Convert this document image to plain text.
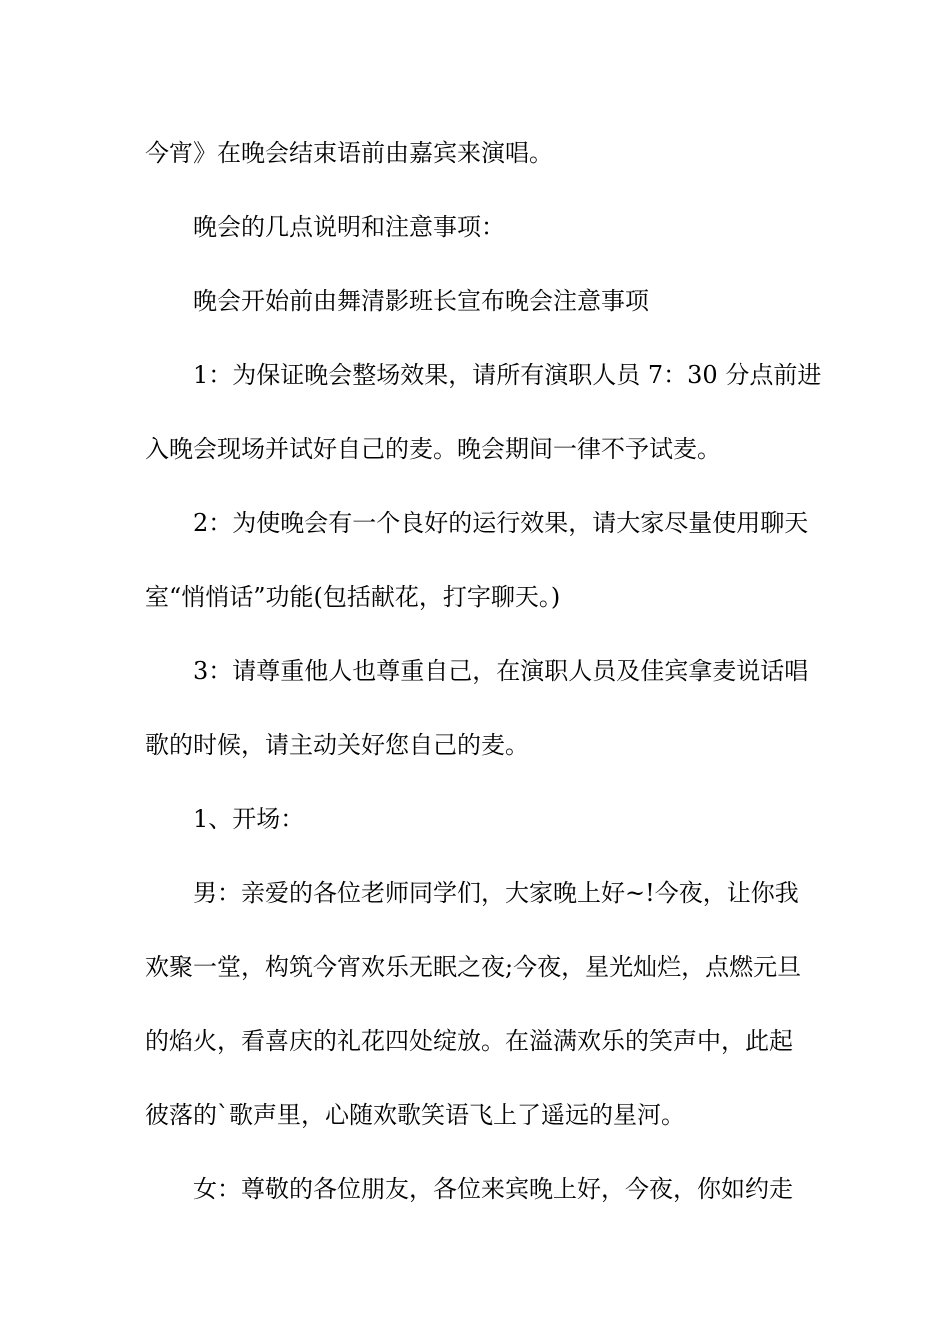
今宵》在晚会结束语前由嘉宾来演唱。
晚会的几点说明和注意事项：
晚会开始前由舞清影班长宣布晚会注意事项
1：为保证晚会整场效果，请所有演职人员 7：30 分点前进
入晚会现场并试好自己的麦。晚会期间一律不予试麦。
2：为使晚会有一个良好的运行效果，请大家尽量使用聊天
室“悄悄话”功能(包括献花，打字聊天。)
3：请尊重他人也尊重自己，在演职人员及佳宾拿麦说话唱
歌的时候，请主动关好您自己的麦。
1、开场：
男：亲爱的各位老师同学们，大家晚上好~!今夜，让你我
欢聚一堂，构筑今宵欢乐无眠之夜;今夜，星光灿烂，点燃元旦
的焰火，看喜庆的礼花四处绽放。在溢满欢乐的笑声中，此起
彼落的`歌声里，心随欢歌笑语飞上了遥远的星河。
女：尊敬的各位朋友，各位来宾晚上好，今夜，你如约走
